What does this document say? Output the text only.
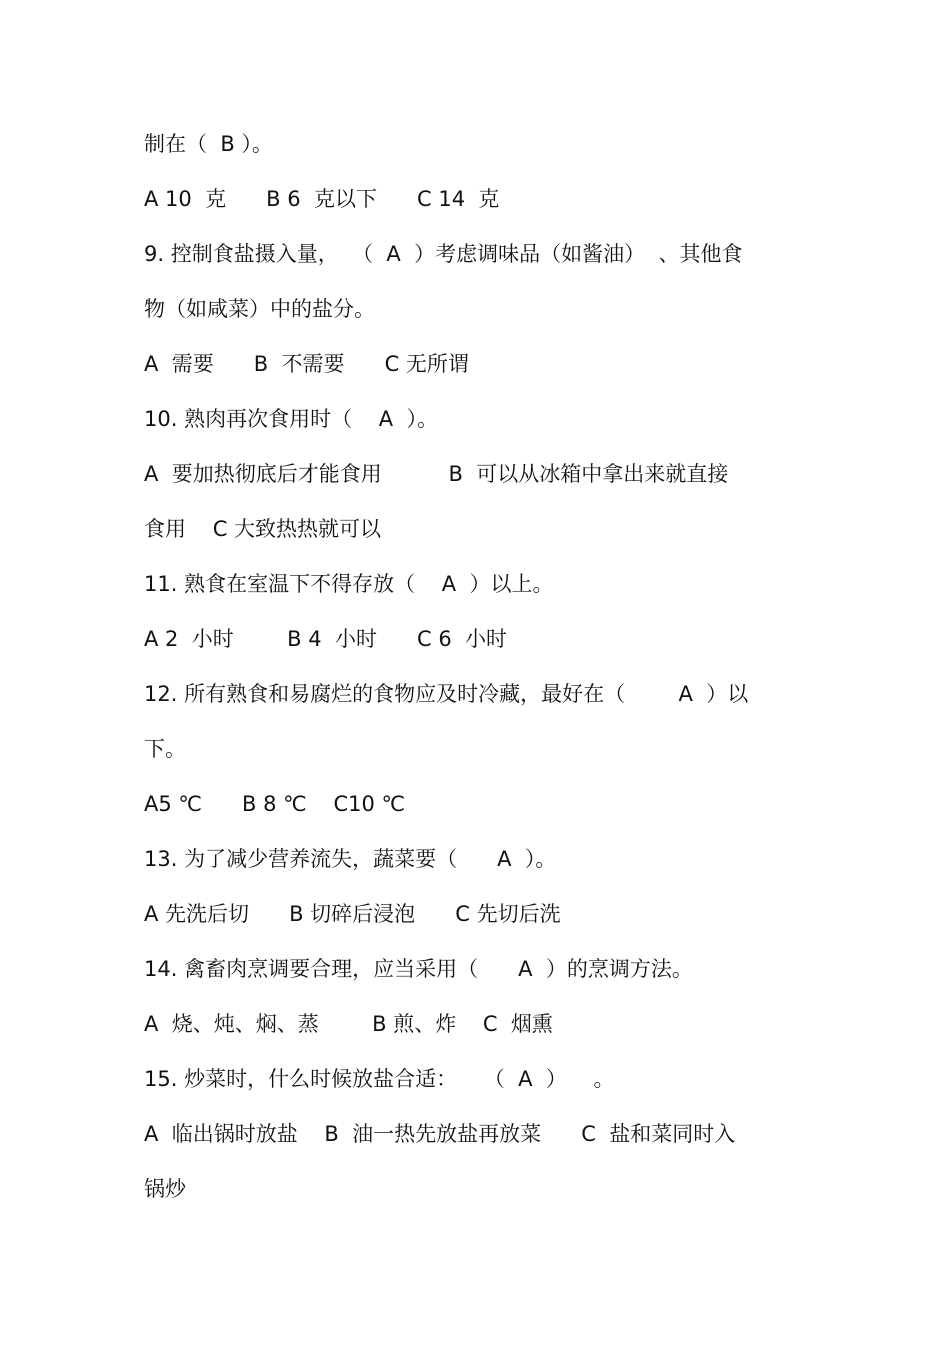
制在（  B ）。
A 10  克      B 6  克以下      C 14  克
9. 控制食盐摄入量，  （  A  ）考虑调味品（如酱油）  、其他食
物（如咸菜）中的盐分。
A  需要      B  不需要      C 无所谓
10. 熟肉再次食用时（    A  ）。
A  要加热彻底后才能食用          B  可以从冰箱中拿出来就直接
食用    C 大致热热就可以
11. 熟食在室温下不得存放（    A  ）以上。
A 2  小时        B 4  小时      C 6  小时
12. 所有熟食和易腐烂的食物应及时冷藏，最好在（        A  ）以
下。
A5 ℃      B 8 ℃    C10 ℃
13. 为了减少营养流失，蔬菜要（      A  ）。
A 先洗后切      B 切碎后浸泡      C 先切后洗
14. 禽畜肉烹调要合理，应当采用（      A  ）的烹调方法。
A  烧、炖、焖、蒸        B 煎、炸    C  烟熏
15. 炒菜时，什么时候放盐合适：    （  A  ）    。
A  临出锅时放盐    B  油一热先放盐再放菜      C  盐和菜同时入
锅炒
